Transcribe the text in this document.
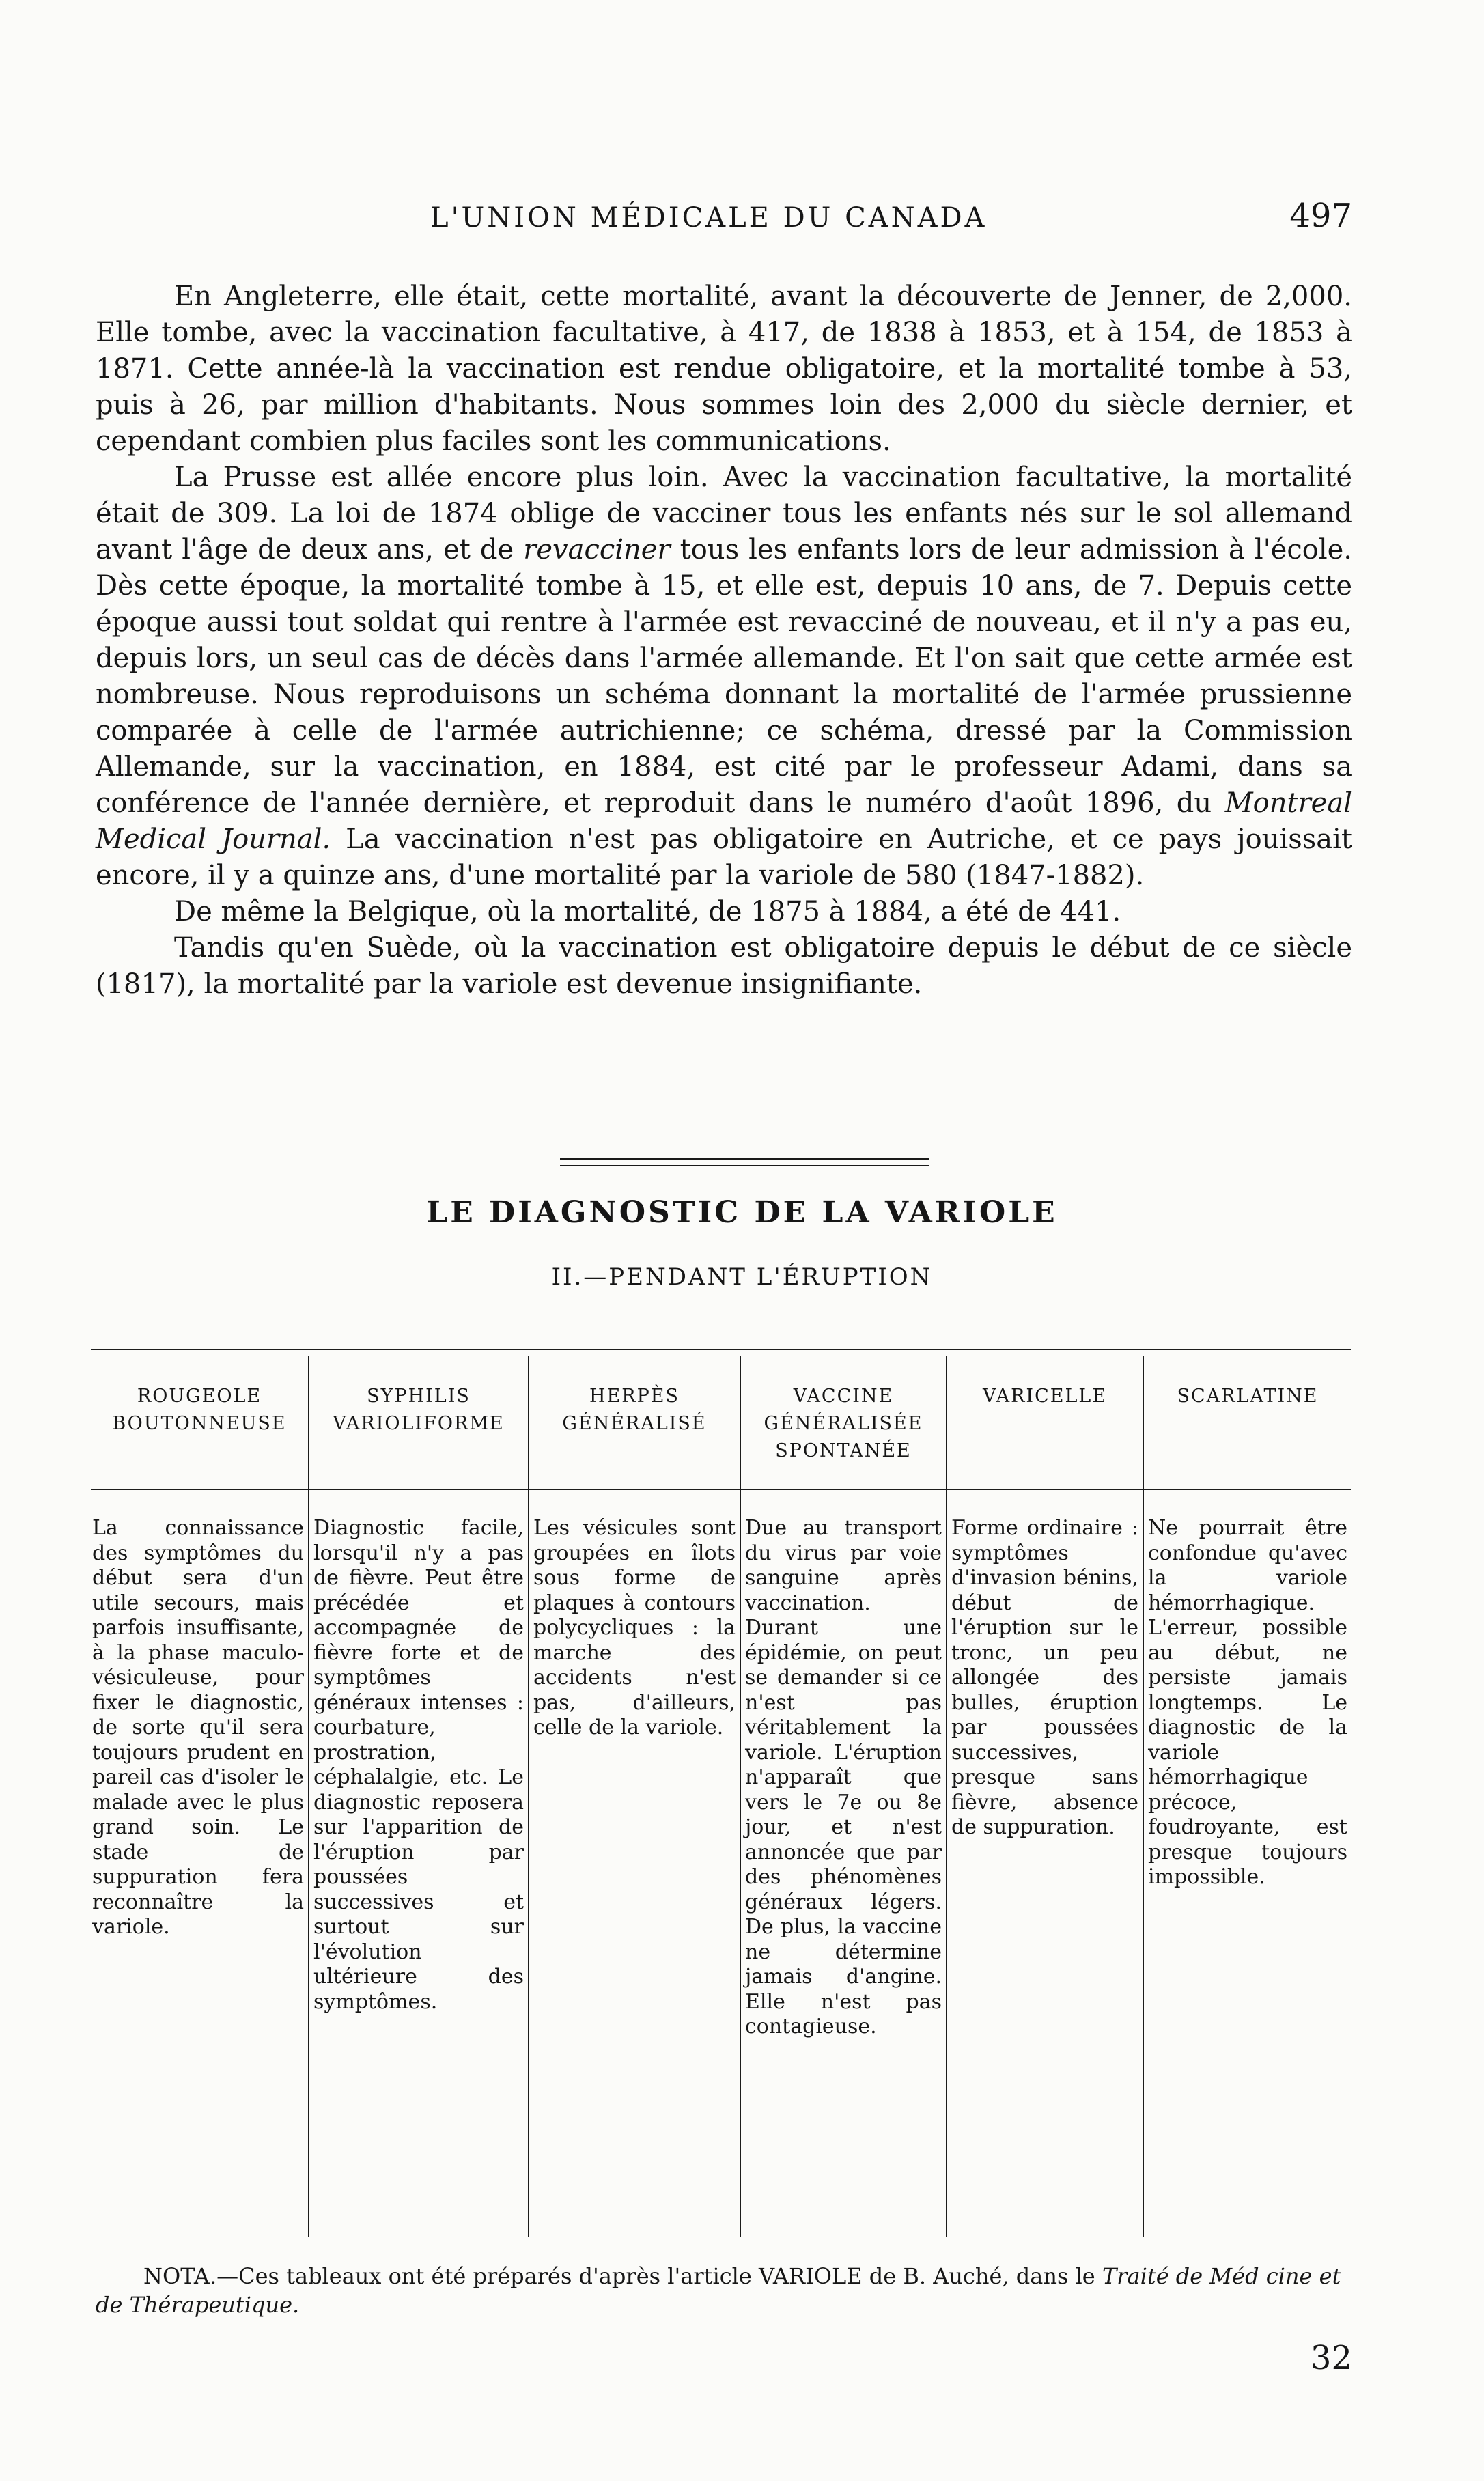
L'UNION MÉDICALE DU CANADA	497

En Angleterre, elle était, cette mortalité, avant la découverte de Jenner, de 2,000. Elle tombe, avec la vaccination facultative, à 417, de 1838 à 1853, et à 154, de 1853 à 1871. Cette année-là la vaccination est rendue obligatoire, et la mortalité tombe à 53, puis à 26, par million d'habitants. Nous sommes loin des 2,000 du siècle dernier, et cependant combien plus faciles sont les communications.

La Prusse est allée encore plus loin. Avec la vaccination facultative, la mortalité était de 309. La loi de 1874 oblige de vacciner tous les enfants nés sur le sol allemand avant l'âge de deux ans, et de revacciner tous les enfants lors de leur admission à l'école. Dès cette époque, la mortalité tombe à 15, et elle est, depuis 10 ans, de 7. Depuis cette époque aussi tout soldat qui rentre à l'armée est revacciné de nouveau, et il n'y a pas eu, depuis lors, un seul cas de décès dans l'armée allemande. Et l'on sait que cette armée est nombreuse. Nous reproduisons un schéma donnant la mortalité de l'armée prussienne comparée à celle de l'armée autrichienne; ce schéma, dressé par la Commission Allemande, sur la vaccination, en 1884, est cité par le professeur Adami, dans sa conférence de l'année dernière, et reproduit dans le numéro d'août 1896, du Montreal Medical Journal. La vaccination n'est pas obligatoire en Autriche, et ce pays jouissait encore, il y a quinze ans, d'une mortalité par la variole de 580 (1847-1882).

De même la Belgique, où la mortalité, de 1875 à 1884, a été de 441.

Tandis qu'en Suède, où la vaccination est obligatoire depuis le début de ce siècle (1817), la mortalité par la variole est devenue insignifiante.

LE DIAGNOSTIC DE LA VARIOLE
II.—PENDANT L'ÉRUPTION
ROUGEOLE BOUTONNEUSE
SYPHILIS VARIOLIFORME
HERPÈS GÉNÉRALISÉ
VACCINE GÉNÉRALISÉE SPONTANÉE
VARICELLE	SCARLATINE
La connaissance des symptômes du début sera d'un utile secours, mais parfois insuffisante, à la phase maculo-vésiculeuse, pour fixer le diagnostic, de sorte qu'il sera toujours prudent en pareil cas d'isoler le malade avec le plus grand soin. Le stade de suppuration fera reconnaître la variole.
Diagnostic facile, lorsqu'il n'y a pas de fièvre. Peut être précédée et accompagnée de fièvre forte et de symptômes généraux intenses : courbature, prostration, céphalalgie, etc. Le diagnostic reposera sur l'apparition de l'éruption par poussées successives et surtout sur l'évolution ultérieure des symptômes.
Les vésicules sont groupées en îlots sous forme de plaques à contours polycycliques : la marche des accidents n'est pas, d'ailleurs, celle de la variole.
Due au transport du virus par voie sanguine après vaccination. Durant une épidémie, on peut se demander si ce n'est pas véritablement la variole. L'éruption n'apparaît que vers le 7e ou 8e jour, et n'est annoncée que par des phénomènes généraux légers. De plus, la vaccine ne détermine jamais d'angine. Elle n'est pas contagieuse.
Forme ordinaire : symptômes d'invasion bénins, début de l'éruption sur le tronc, un peu allongée des bulles, éruption par poussées successives, presque sans fièvre, absence de suppuration.
Ne pourrait être confondue qu'avec la variole hémorrhagique. L'erreur, possible au début, ne persiste jamais longtemps. Le diagnostic de la variole hémorrhagique précoce, foudroyante, est presque toujours impossible.
NOTA.—Ces tableaux ont été préparés d'après l'article VARIOLE de B. Auché, dans le Traité de Méd cine et de Thérapeutique.
32
